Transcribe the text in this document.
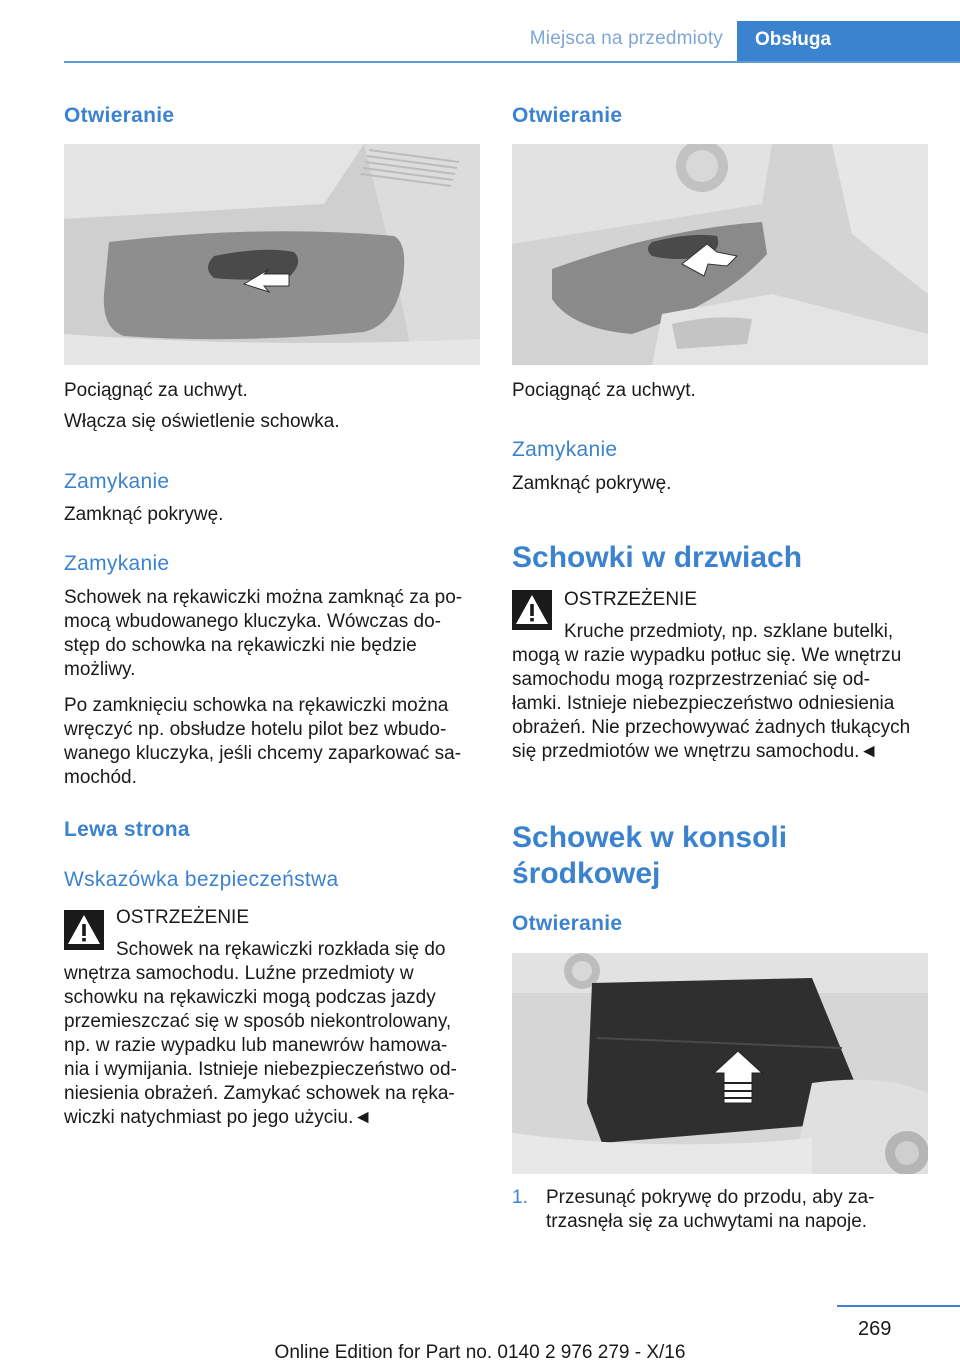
Miejsca na przedmioty	Obsługa
Otwieranie
Pociągnąć za uchwyt.
Włącza się oświetlenie schowka.
Zamykanie
Zamknąć pokrywę.
Zamykanie
Schowek na rękawiczki można zamknąć za po‐
mocą wbudowanego kluczyka. Wówczas do‐
stęp do schowka na rękawiczki nie będzie
możliwy.
Po zamknięciu schowka na rękawiczki można
wręczyć np. obsłudze hotelu pilot bez wbudo‐
wanego kluczyka, jeśli chcemy zaparkować sa‐
mochód.
Lewa strona
Wskazówka bezpieczeństwa
OSTRZEŻENIE
Schowek na rękawiczki rozkłada się do
wnętrza samochodu. Luźne przedmioty w
schowku na rękawiczki mogą podczas jazdy
przemieszczać się w sposób niekontrolowany,
np. w razie wypadku lub manewrów hamowa‐
nia i wymijania. Istnieje niebezpieczeństwo od‐
niesienia obrażeń. Zamykać schowek na ręka‐
wiczki natychmiast po jego użyciu.◄
Otwieranie
Pociągnąć za uchwyt.
Zamykanie
Zamknąć pokrywę.
Schowki w drzwiach
OSTRZEŻENIE
Kruche przedmioty, np. szklane butelki,
mogą w razie wypadku potłuc się. We wnętrzu
samochodu mogą rozprzestrzeniać się od‐
łamki. Istnieje niebezpieczeństwo odniesienia
obrażeń. Nie przechowywać żadnych tłukących
się przedmiotów we wnętrzu samochodu.◄
Schowek w konsoli
środkowej
Otwieranie
1. Przesunąć pokrywę do przodu, aby za‐
trzasnęła się za uchwytami na napoje.
269
Online Edition for Part no. 0140 2 976 279 - X/16
